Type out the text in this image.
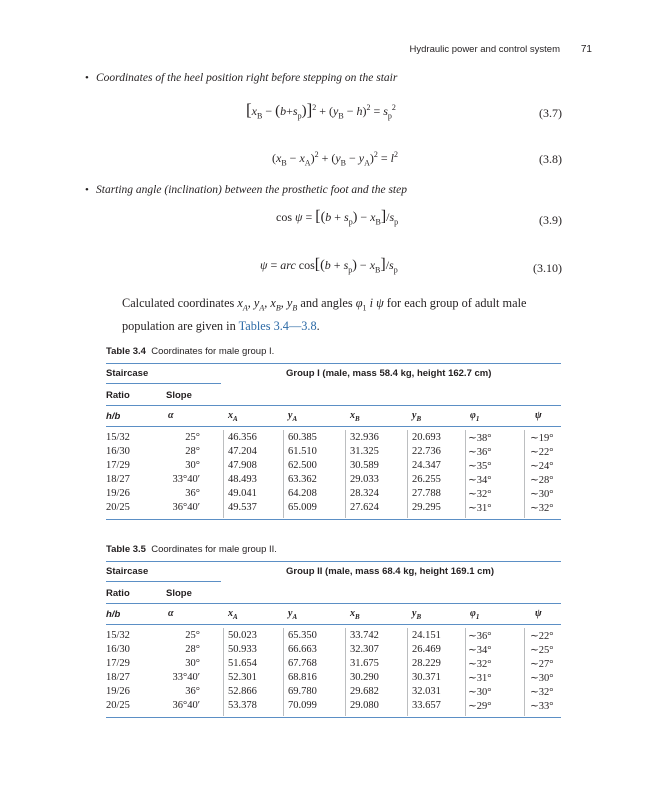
Hydraulic power and control system 71
• Coordinates of the heel position right before stepping on the stair
$[x_B - (b+s_p)]^2 + (y_B - h)^2 = s_p^2$	(3.7)
$(x_B - x_A)^2 + (y_B - y_A)^2 = l^2$	(3.8)
• Starting angle (inclination) between the prosthetic foot and the step
$\cos \psi = [(b + s_p) - x_B]/s_p$	(3.9)
ψ = arc $\cos[(b + s_p) - x_B]/s_p$	(3.10)
Calculated coordinates $x_A$, $y_A$, $x_B$, $y_B$ and angles $\varphi_1$ i ψ for each group of adult male population are given in Tables 3.4—3.8.
Table 3.4 Coordinates for male group I.
Staircase	Group I (male, mass 58.4 kg, height 162.7 cm)
Ratio	Slope
h/b	α	$x_A$	$y_A$	$x_B$	$y_B$	$\varphi_1$	ψ
15/32	25°	46.356	60.385	32.936	20.693	∼38°	∼19°
16/30	28°	47.204	61.510	31.325	22.736	∼36°	∼22°
17/29	30°	47.908	62.500	30.589	24.347	∼35°	∼24°
18/27	33°40′	48.493	63.362	29.033	26.255	∼34°	∼28°
19/26	36°	49.041	64.208	28.324	27.788	∼32°	∼30°
20/25	36°40′	49.537	65.009	27.624	29.295	∼31°	∼32°
Table 3.5 Coordinates for male group II.
Staircase	Group II (male, mass 68.4 kg, height 169.1 cm)
Ratio	Slope
h/b	α	$x_A$	$y_A$	$x_B$	$y_B$	$\varphi_1$	ψ
15/32	25°	50.023	65.350	33.742	24.151	∼36°	∼22°
16/30	28°	50.933	66.663	32.307	26.469	∼34°	∼25°
17/29	30°	51.654	67.768	31.675	28.229	∼32°	∼27°
18/27	33°40′	52.301	68.816	30.290	30.371	∼31°	∼30°
19/26	36°	52.866	69.780	29.682	32.031	∼30°	∼32°
20/25	36°40′	53.378	70.099	29.080	33.657	∼29°	∼33°
